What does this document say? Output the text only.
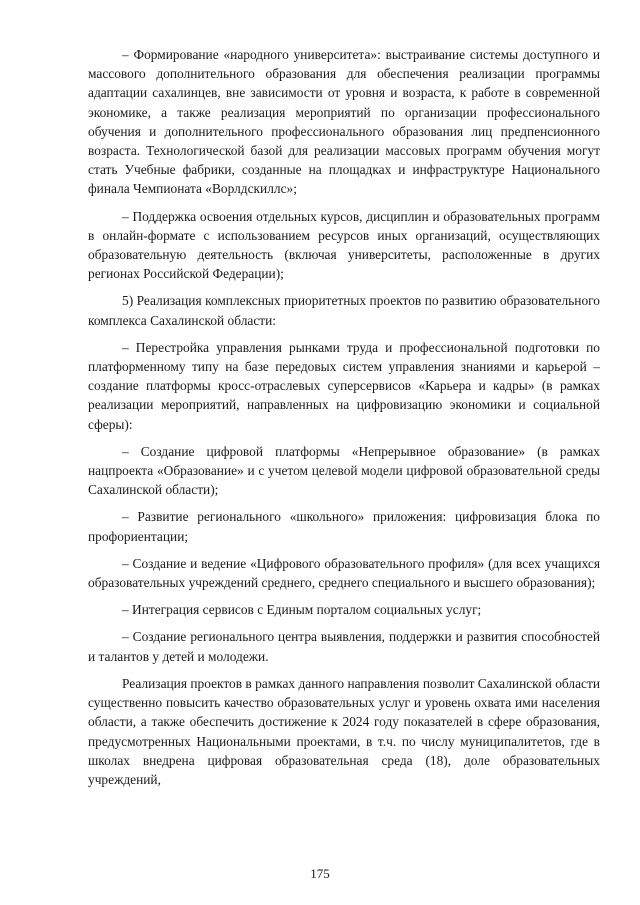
– Формирование «народного университета»: выстраивание системы доступного и массового дополнительного образования для обеспечения реализации программы адаптации сахалинцев, вне зависимости от уровня и возраста, к работе в современной экономике, а также реализация мероприятий по организации профессионального обучения и дополнительного профессионального образования лиц предпенсионного возраста. Технологической базой для реализации массовых программ обучения могут стать Учебные фабрики, созданные на площадках и инфраструктуре Национального финала Чемпионата «Ворлдскиллс»;

– Поддержка освоения отдельных курсов, дисциплин и образовательных программ в онлайн-формате с использованием ресурсов иных организаций, осуществляющих образовательную деятельность (включая университеты, расположенные в других регионах Российской Федерации);

5) Реализация комплексных приоритетных проектов по развитию образовательного комплекса Сахалинской области:

– Перестройка управления рынками труда и профессиональной подготовки по платформенному типу на базе передовых систем управления знаниями и карьерой – создание платформы кросс-отраслевых суперсервисов «Карьера и кадры» (в рамках реализации мероприятий, направленных на цифровизацию экономики и социальной сферы):

– Создание цифровой платформы «Непрерывное образование» (в рамках нацпроекта «Образование» и с учетом целевой модели цифровой образовательной среды Сахалинской области);

– Развитие регионального «школьного» приложения: цифровизация блока по профориентации;

– Создание и ведение «Цифрового образовательного профиля» (для всех учащихся образовательных учреждений среднего, среднего специального и высшего образования);

– Интеграция сервисов с Единым порталом социальных услуг;

– Создание регионального центра выявления, поддержки и развития способностей и талантов у детей и молодежи.

Реализация проектов в рамках данного направления позволит Сахалинской области существенно повысить качество образовательных услуг и уровень охвата ими населения области, а также обеспечить достижение к 2024 году показателей в сфере образования, предусмотренных Национальными проектами, в т.ч. по числу муниципалитетов, где в школах внедрена цифровая образовательная среда (18), доле образовательных учреждений,

175
